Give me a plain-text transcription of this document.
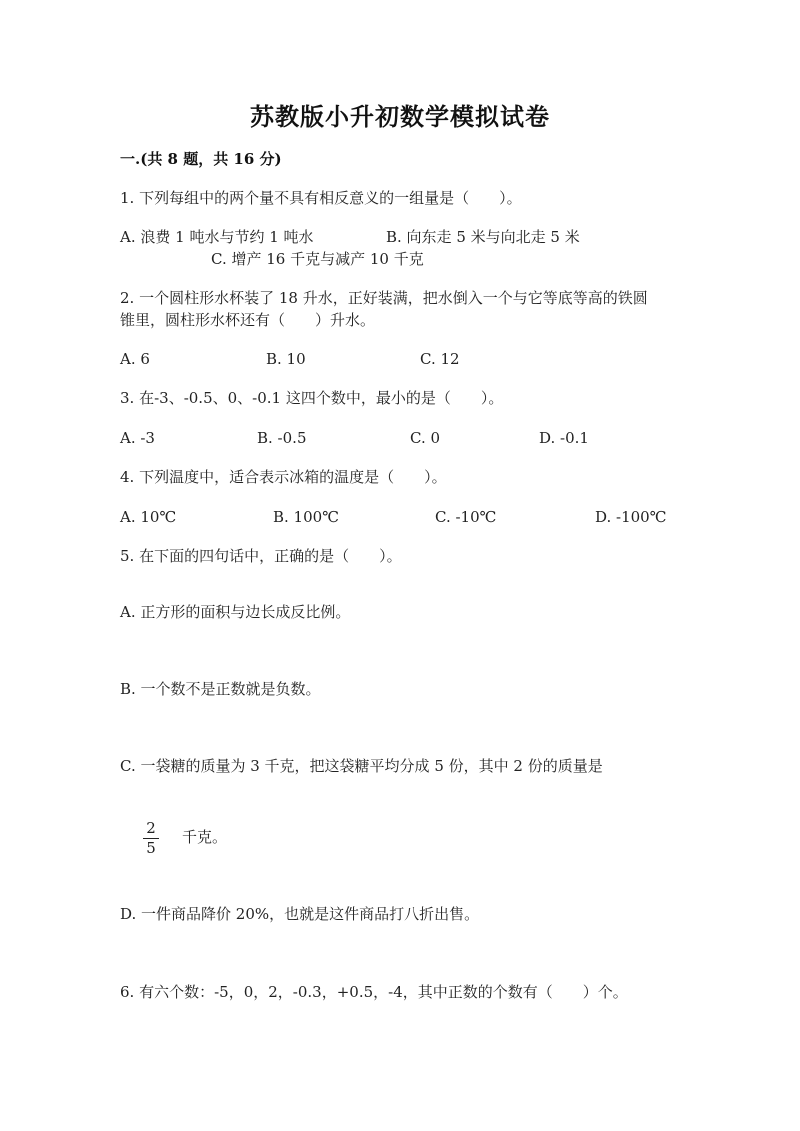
苏教版小升初数学模拟试卷
一.(共 8 题，共 16 分)
1. 下列每组中的两个量不具有相反意义的一组量是（　　）。
A. 浪费 1 吨水与节约 1 吨水	B. 向东走 5 米与向北走 5 米
C. 增产 16 千克与减产 10 千克
2. 一个圆柱形水杯装了 18 升水，正好装满，把水倒入一个与它等底等高的铁圆
锥里，圆柱形水杯还有（　　）升水。
A. 6	B. 10	C. 12
3. 在-3、-0.5、0、-0.1 这四个数中，最小的是（　　）。
A. -3	B. -0.5	C. 0	D. -0.1
4. 下列温度中，适合表示冰箱的温度是（　　）。
A. 10℃	B. 100℃	C. -10℃	D. -100℃
5. 在下面的四句话中，正确的是（　　）。
A. 正方形的面积与边长成反比例。
B. 一个数不是正数就是负数。
C. 一袋糖的质量为 3 千克，把这袋糖平均分成 5 份，其中 2 份的质量是
2
5
千克。
D. 一件商品降价 20%，也就是这件商品打八折出售。
6. 有六个数：-5，0，2，-0.3，+0.5，-4，其中正数的个数有（　　）个。
